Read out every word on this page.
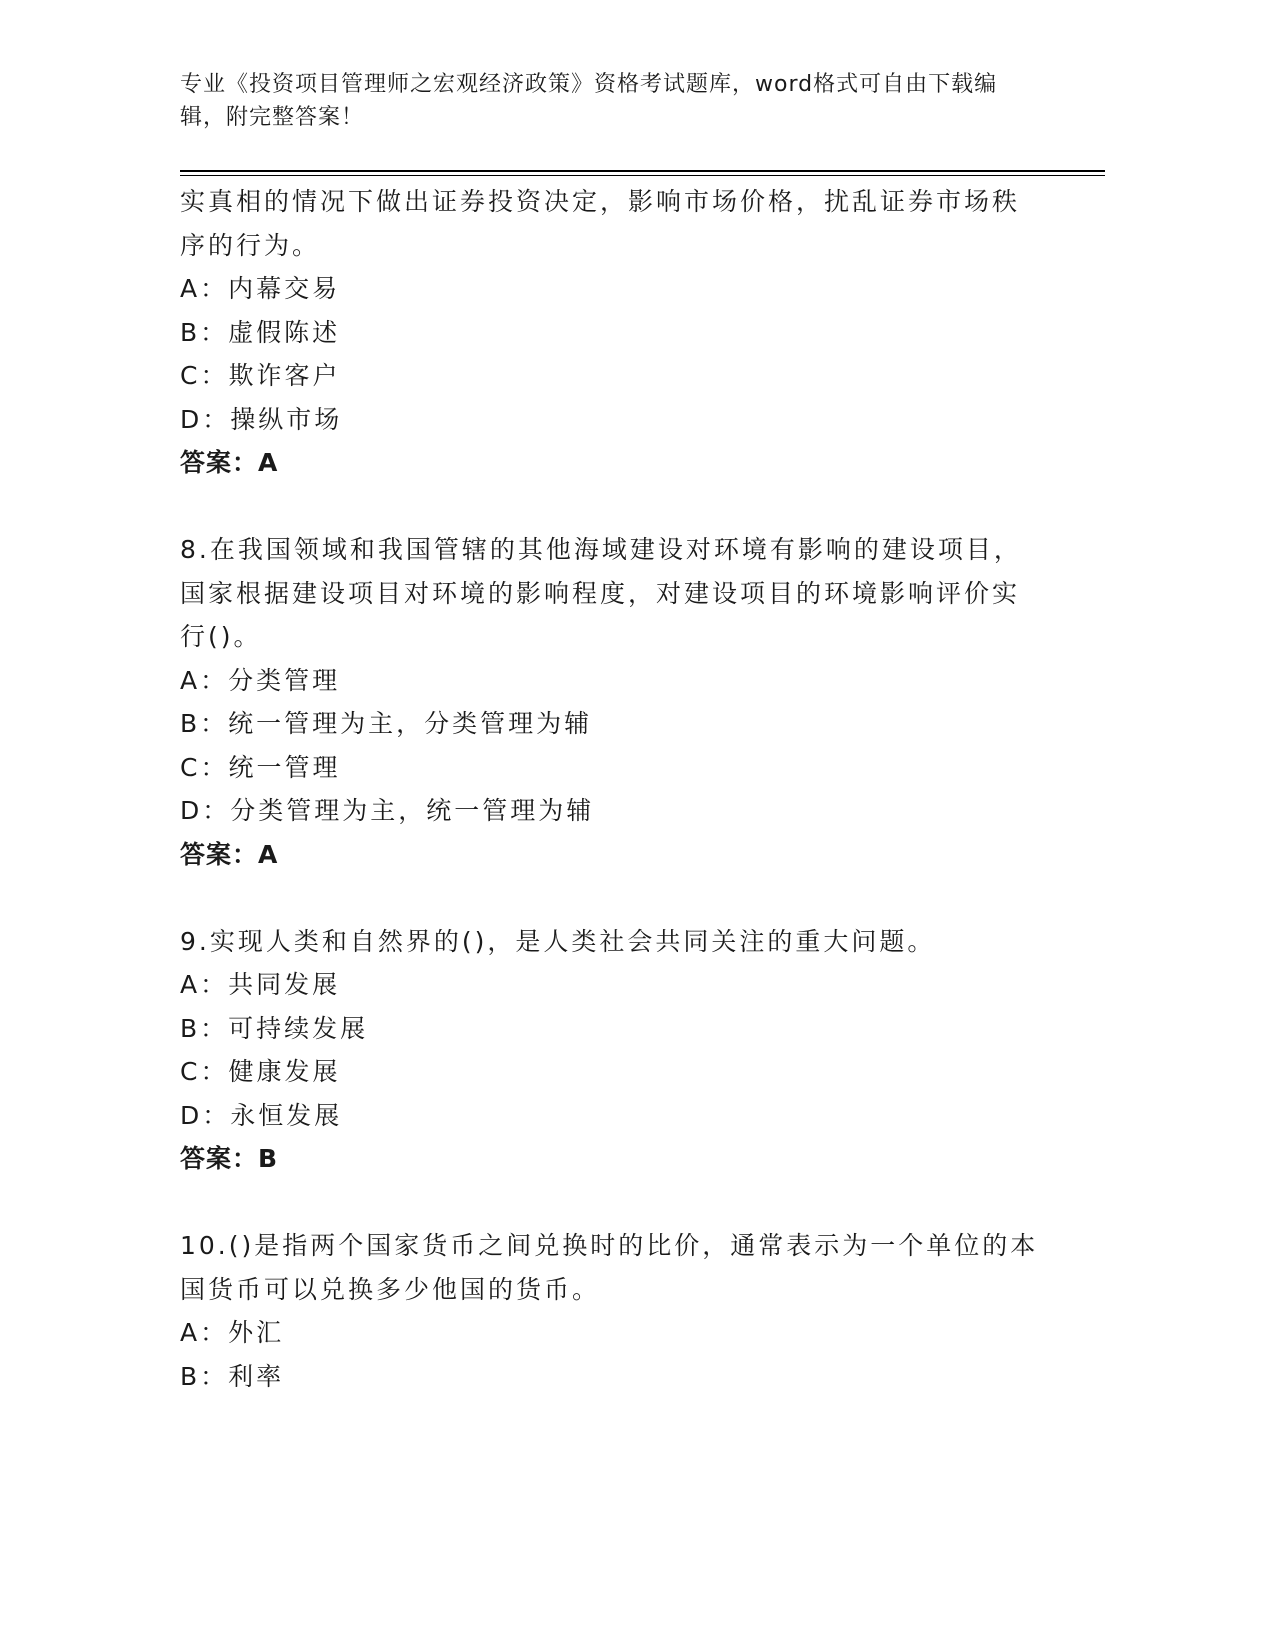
专业《投资项目管理师之宏观经济政策》资格考试题库，word格式可自由下载编
辑，附完整答案！
实真相的情况下做出证券投资决定，影响市场价格，扰乱证券市场秩
序的行为。
A：内幕交易
B：虚假陈述
C：欺诈客户
D：操纵市场
答案：A
8.在我国领域和我国管辖的其他海域建设对环境有影响的建设项目，
国家根据建设项目对环境的影响程度，对建设项目的环境影响评价实
行()。
A：分类管理
B：统一管理为主，分类管理为辅
C：统一管理
D：分类管理为主，统一管理为辅
答案：A
9.实现人类和自然界的()，是人类社会共同关注的重大问题。
A：共同发展
B：可持续发展
C：健康发展
D：永恒发展
答案：B
10.()是指两个国家货币之间兑换时的比价，通常表示为一个单位的本
国货币可以兑换多少他国的货币。
A：外汇
B：利率
